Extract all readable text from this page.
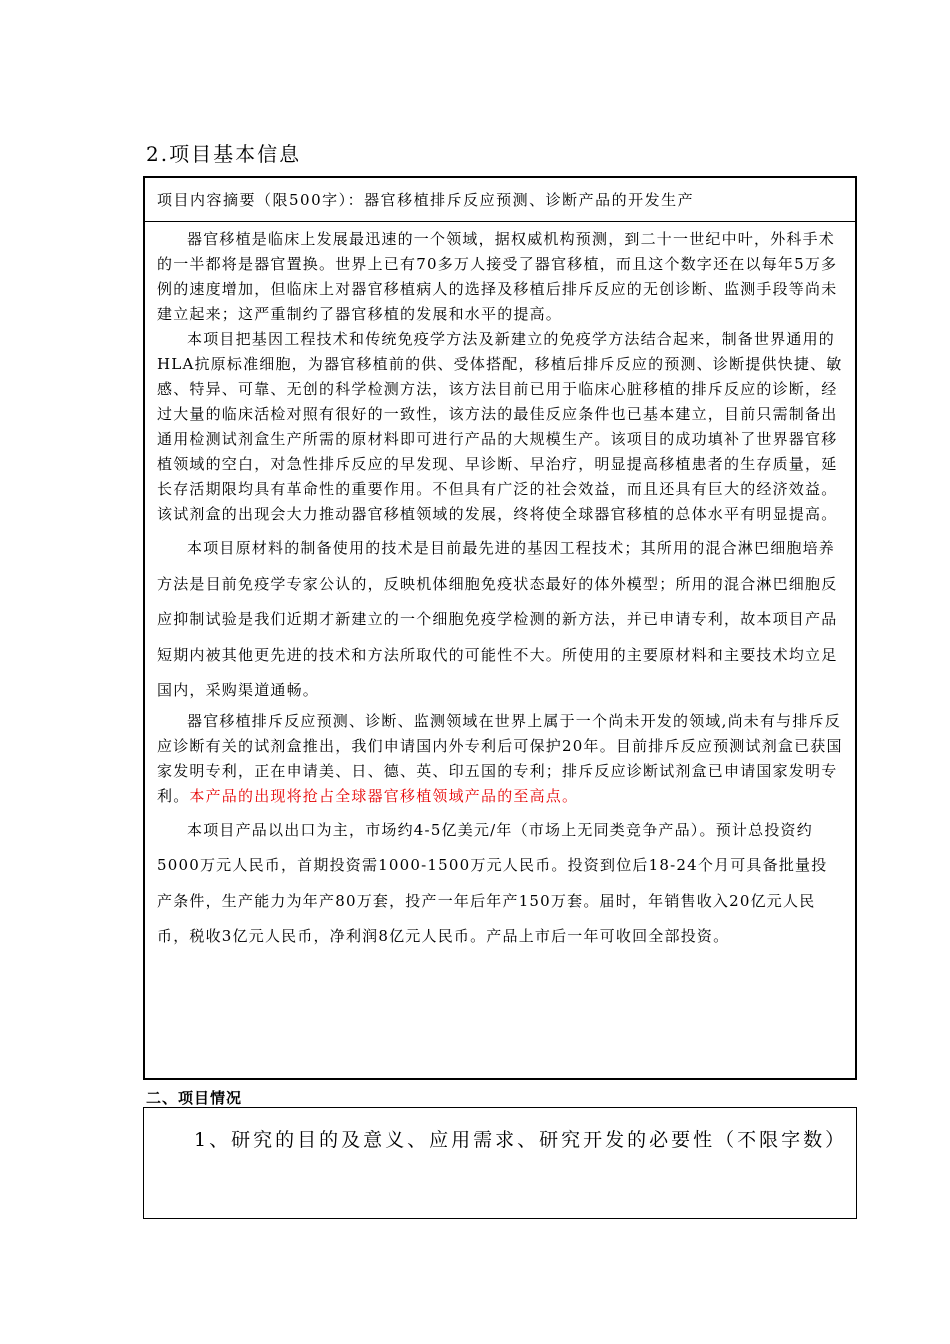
2.项目基本信息
项目内容摘要（限500字）：器官移植排斥反应预测、诊断产品的开发生产

器官移植是临床上发展最迅速的一个领域，据权威机构预测，到二十一世纪中叶，外科手术的一半都将是器官置换。世界上已有70多万人接受了器官移植，而且这个数字还在以每年5万多例的速度增加，但临床上对器官移植病人的选择及移植后排斥反应的无创诊断、监测手段等尚未建立起来；这严重制约了器官移植的发展和水平的提高。

本项目把基因工程技术和传统免疫学方法及新建立的免疫学方法结合起来，制备世界通用的HLA抗原标准细胞，为器官移植前的供、受体搭配，移植后排斥反应的预测、诊断提供快捷、敏感、特异、可靠、无创的科学检测方法，该方法目前已用于临床心脏移植的排斥反应的诊断，经过大量的临床活检对照有很好的一致性，该方法的最佳反应条件也已基本建立，目前只需制备出通用检测试剂盒生产所需的原材料即可进行产品的大规模生产。该项目的成功填补了世界器官移植领域的空白，对急性排斥反应的早发现、早诊断、早治疗，明显提高移植患者的生存质量，延长存活期限均具有革命性的重要作用。不但具有广泛的社会效益，而且还具有巨大的经济效益。该试剂盒的出现会大力推动器官移植领域的发展，终将使全球器官移植的总体水平有明显提高。

本项目原材料的制备使用的技术是目前最先进的基因工程技术；其所用的混合淋巴细胞培养方法是目前免疫学专家公认的，反映机体细胞免疫状态最好的体外模型；所用的混合淋巴细胞反应抑制试验是我们近期才新建立的一个细胞免疫学检测的新方法，并已申请专利，故本项目产品短期内被其他更先进的技术和方法所取代的可能性不大。所使用的主要原材料和主要技术均立足国内，采购渠道通畅。

器官移植排斥反应预测、诊断、监测领域在世界上属于一个尚未开发的领域,尚未有与排斥反应诊断有关的试剂盒推出，我们申请国内外专利后可保护20年。目前排斥反应预测试剂盒已获国家发明专利，正在申请美、日、德、英、印五国的专利；排斥反应诊断试剂盒已申请国家发明专利。本产品的出现将抢占全球器官移植领域产品的至高点。

本项目产品以出口为主，市场约4-5亿美元/年（市场上无同类竞争产品）。预计总投资约5000万元人民币，首期投资需1000-1500万元人民币。投资到位后18-24个月可具备批量投产条件，生产能力为年产80万套，投产一年后年产150万套。届时，年销售收入20亿元人民币，税收3亿元人民币，净利润8亿元人民币。产品上市后一年可收回全部投资。

二、项目情况

1、研究的目的及意义、应用需求、研究开发的必要性（不限字数）
